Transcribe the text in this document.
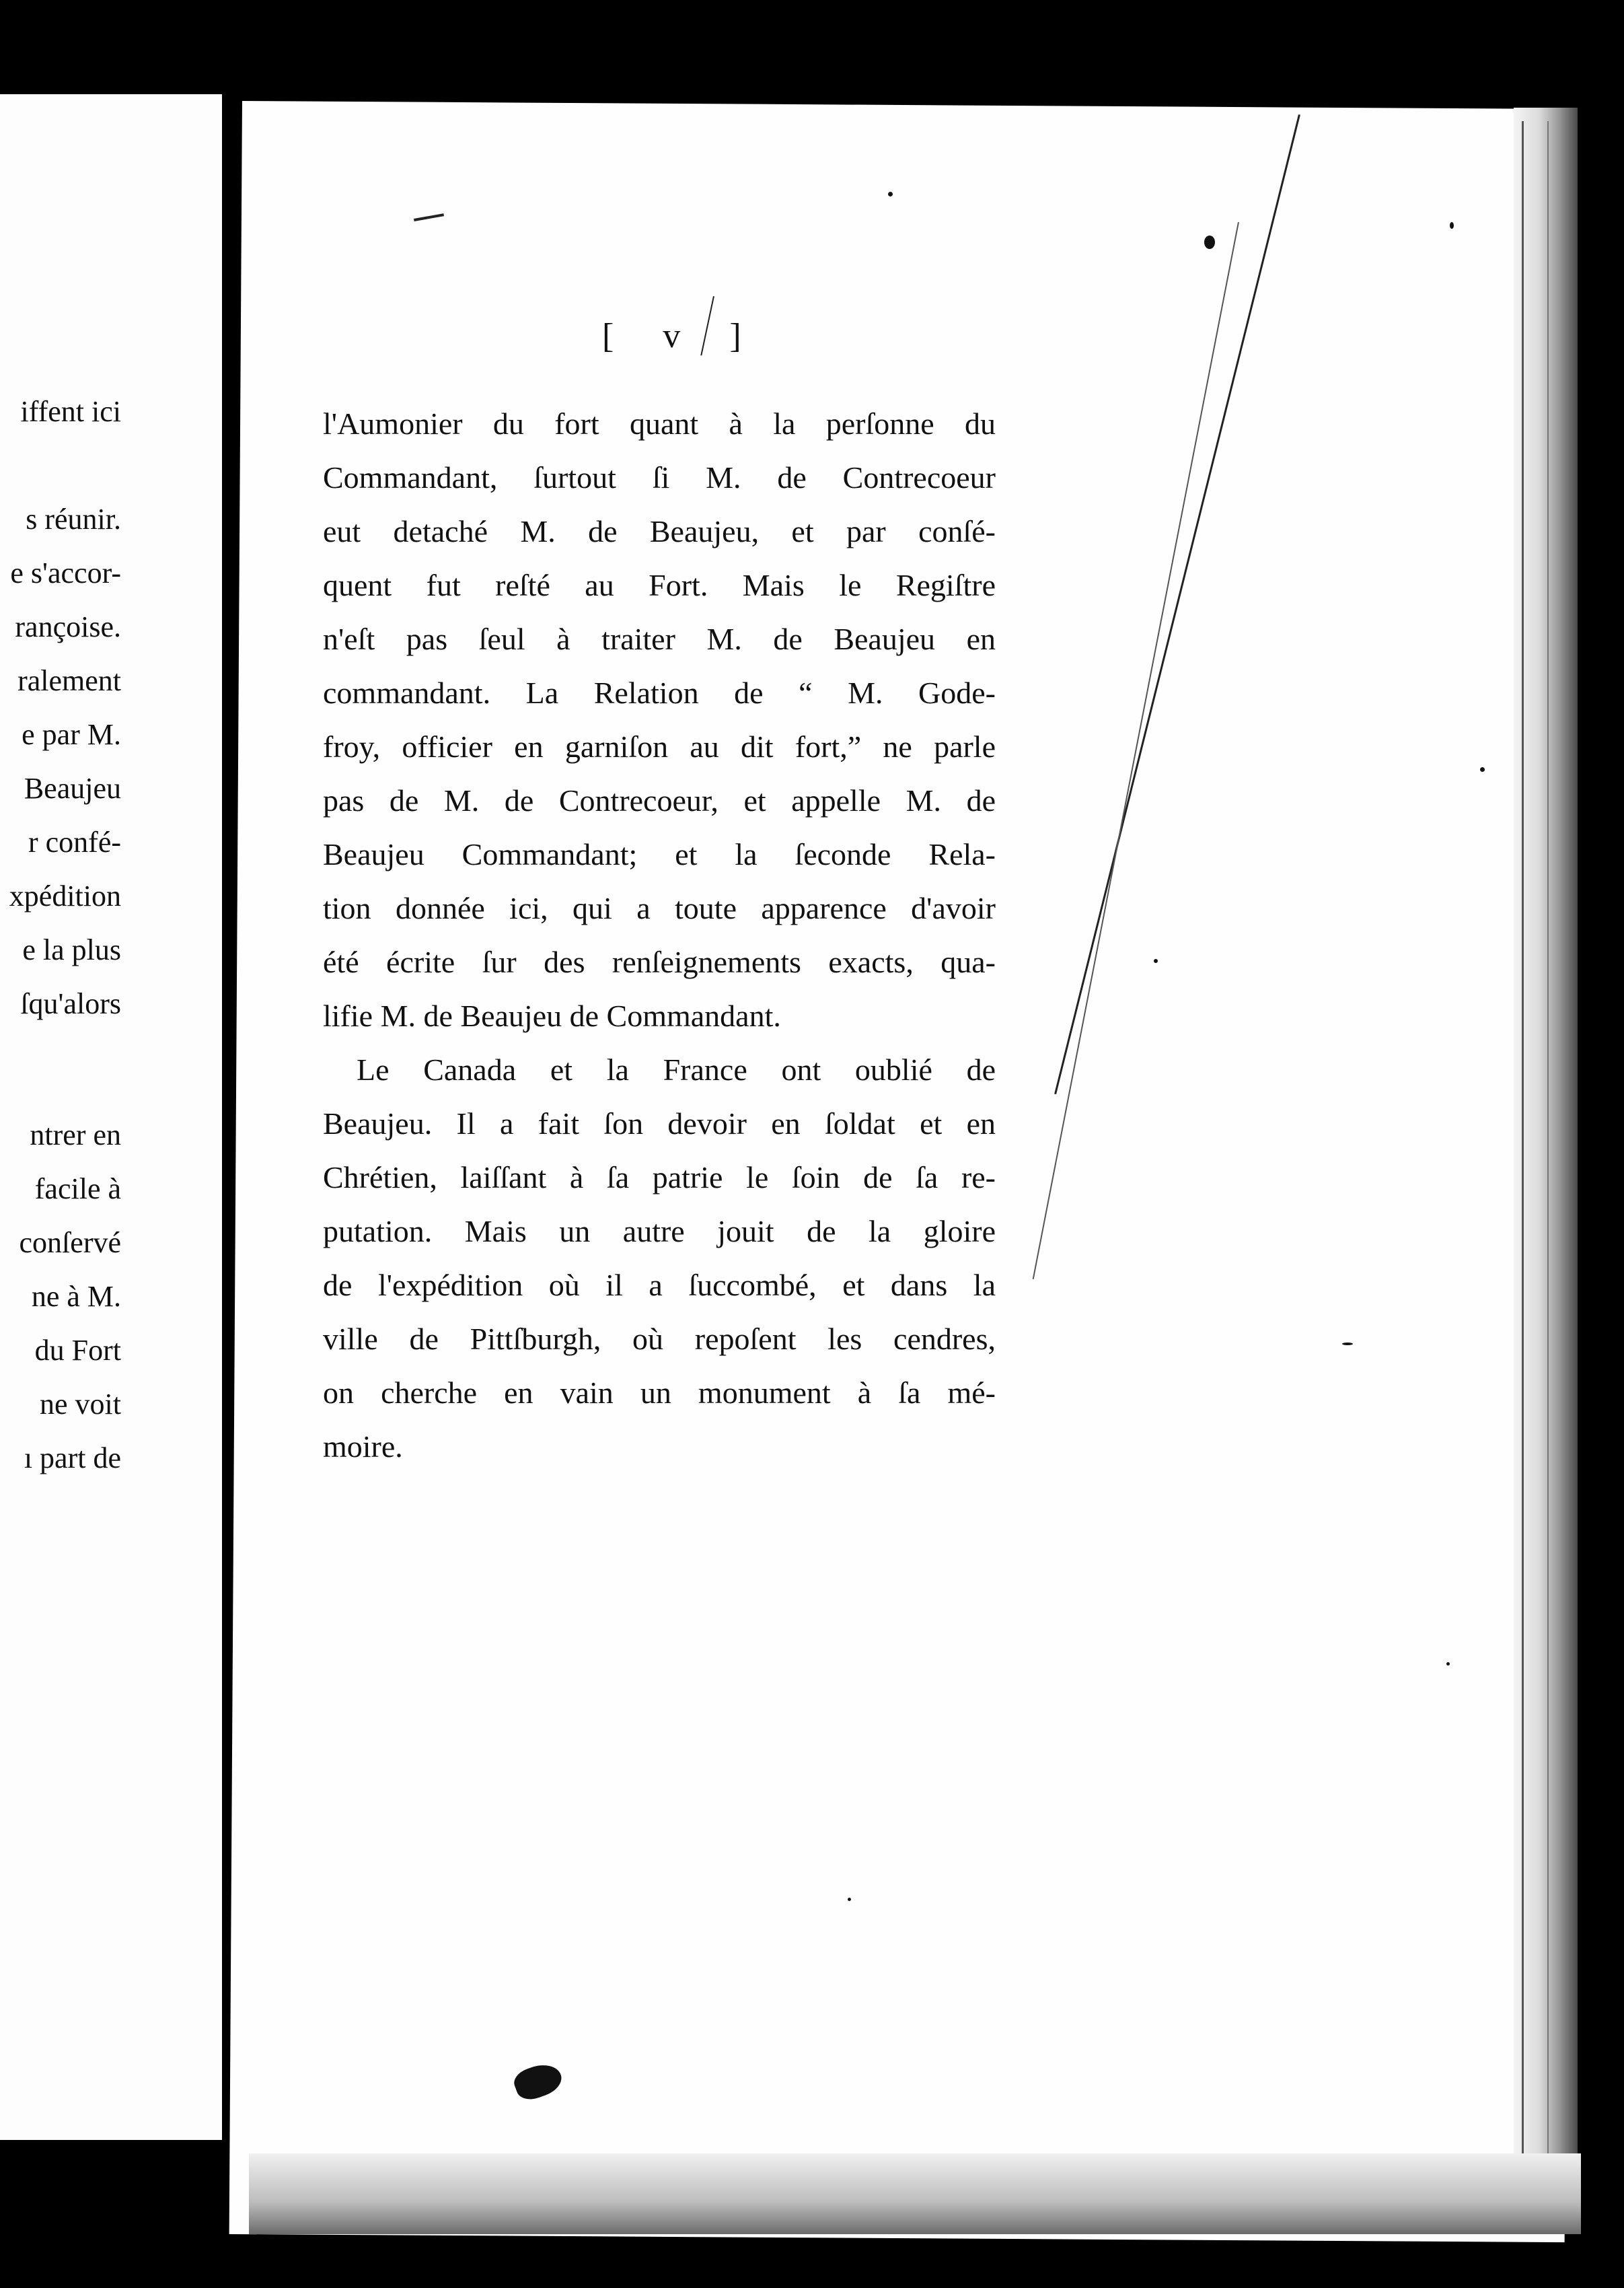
iffent ici
s réunir.
e s'accor-
rançoise.
ralement
e par M.
Beaujeu
r confé-
xpédition
e la plus
ſqu'alors
ntrer en
facile à
conſervé
ne à M.
du Fort
ne voit
ı part de
[ v ]
l'Aumonier du fort quant à la perſonne du
Commandant, ſurtout ſi M. de Contrecoeur
eut detaché M. de Beaujeu, et par conſé-
quent fut reſté au Fort. Mais le Regiſtre
n'eſt pas ſeul à traiter M. de Beaujeu en
commandant. La Relation de “ M. Gode-
froy, officier en garniſon au dit fort,” ne parle
pas de M. de Contrecoeur, et appelle M. de
Beaujeu Commandant; et la ſeconde Rela-
tion donnée ici, qui a toute apparence d'avoir
été écrite ſur des renſeignements exacts, qua-
lifie M. de Beaujeu de Commandant.
Le Canada et la France ont oublié de
Beaujeu. Il a fait ſon devoir en ſoldat et en
Chrétien, laiſſant à ſa patrie le ſoin de ſa re-
putation. Mais un autre jouit de la gloire
de l'expédition où il a ſuccombé, et dans la
ville de Pittſburgh, où repoſent les cendres,
on cherche en vain un monument à ſa mé-
moire.
